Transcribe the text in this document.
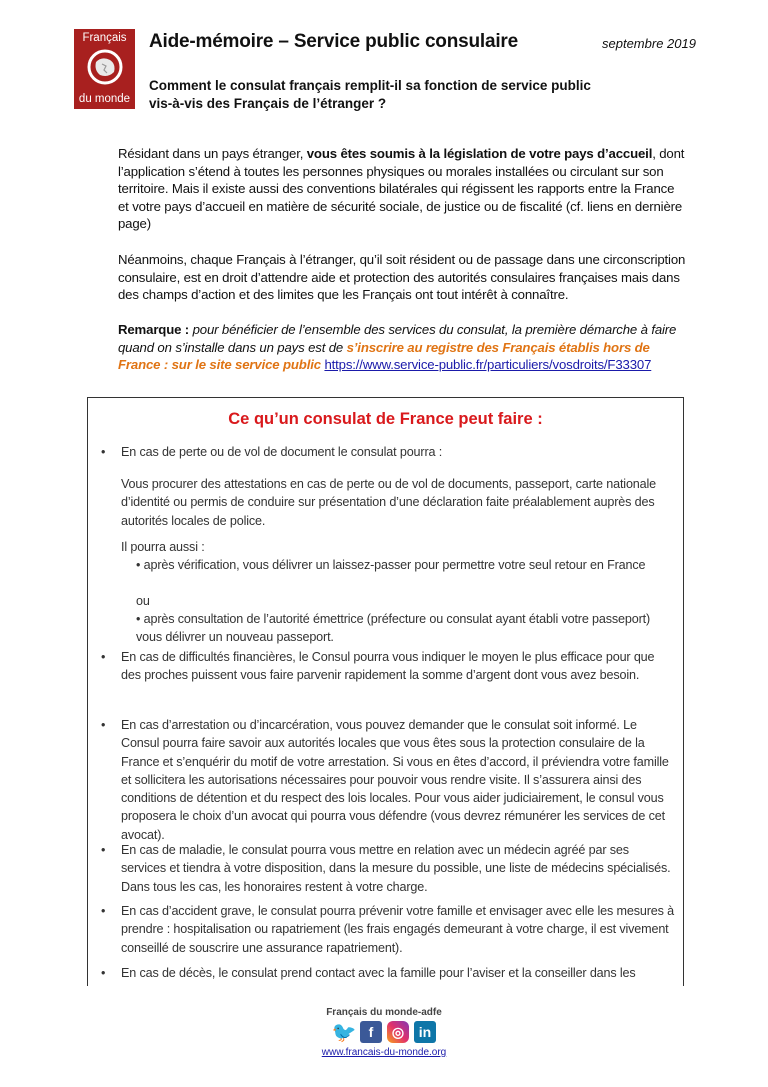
Français
du monde
Aide-mémoire – Service public consulaire	septembre 2019
Comment le consulat français remplit-il sa fonction de service public
vis-à-vis des Français de l’étranger ?
Résidant dans un pays étranger, vous êtes soumis à la législation de votre pays d’accueil, dont l’application s’étend à toutes les personnes physiques ou morales installées ou circulant sur son territoire. Mais il existe aussi des conventions bilatérales qui régissent les rapports entre la France et votre pays d’accueil en matière de sécurité sociale, de justice ou de fiscalité (cf. liens en dernière page)
Néanmoins, chaque Français à l’étranger, qu’il soit résident ou de passage dans une circonscription consulaire, est en droit d’attendre aide et protection des autorités consulaires françaises mais dans des champs d’action et des limites que les Français ont tout intérêt à connaître.
Remarque : pour bénéficier de l’ensemble des services du consulat, la première démarche à faire quand on s’installe dans un pays est de s’inscrire au registre des Français établis hors de France : sur le site service public https://www.service-public.fr/particuliers/vosdroits/F33307
Ce qu’un consulat de France peut faire :
• En cas de perte ou de vol de document le consulat pourra :
Vous procurer des attestations en cas de perte ou de vol de documents, passeport, carte nationale d’identité ou permis de conduire sur présentation d’une déclaration faite préalablement auprès des autorités locales de police.
Il pourra aussi :
• après vérification, vous délivrer un laissez-passer pour permettre votre seul retour en France
ou
• après consultation de l’autorité émettrice (préfecture ou consulat ayant établi votre passeport) vous délivrer un nouveau passeport.
• En cas de difficultés financières, le Consul pourra vous indiquer le moyen le plus efficace pour que des proches puissent vous faire parvenir rapidement la somme d’argent dont vous avez besoin.
• En cas d’arrestation ou d’incarcération, vous pouvez demander que le consulat soit informé. Le Consul pourra faire savoir aux autorités locales que vous êtes sous la protection consulaire de la France et s’enquérir du motif de votre arrestation. Si vous en êtes d’accord, il préviendra votre famille et sollicitera les autorisations nécessaires pour pouvoir vous rendre visite. Il s’assurera ainsi des conditions de détention et du respect des lois locales. Pour vous aider judiciairement, le consul vous proposera le choix d’un avocat qui pourra vous défendre (vous devrez rémunérer les services de cet avocat).
• En cas de maladie, le consulat pourra vous mettre en relation avec un médecin agréé par ses services et tiendra à votre disposition, dans la mesure du possible, une liste de médecins spécialisés. Dans tous les cas, les honoraires restent à votre charge.
• En cas d’accident grave, le consulat pourra prévenir votre famille et envisager avec elle les mesures à prendre : hospitalisation ou rapatriement (les frais engagés demeurant à votre charge, il est vivement conseillé de souscrire une assurance rapatriement).
• En cas de décès, le consulat prend contact avec la famille pour l’aviser et la conseiller dans les
Français du monde-adfe
🐦 f	◎	in
www.francais-du-monde.org
